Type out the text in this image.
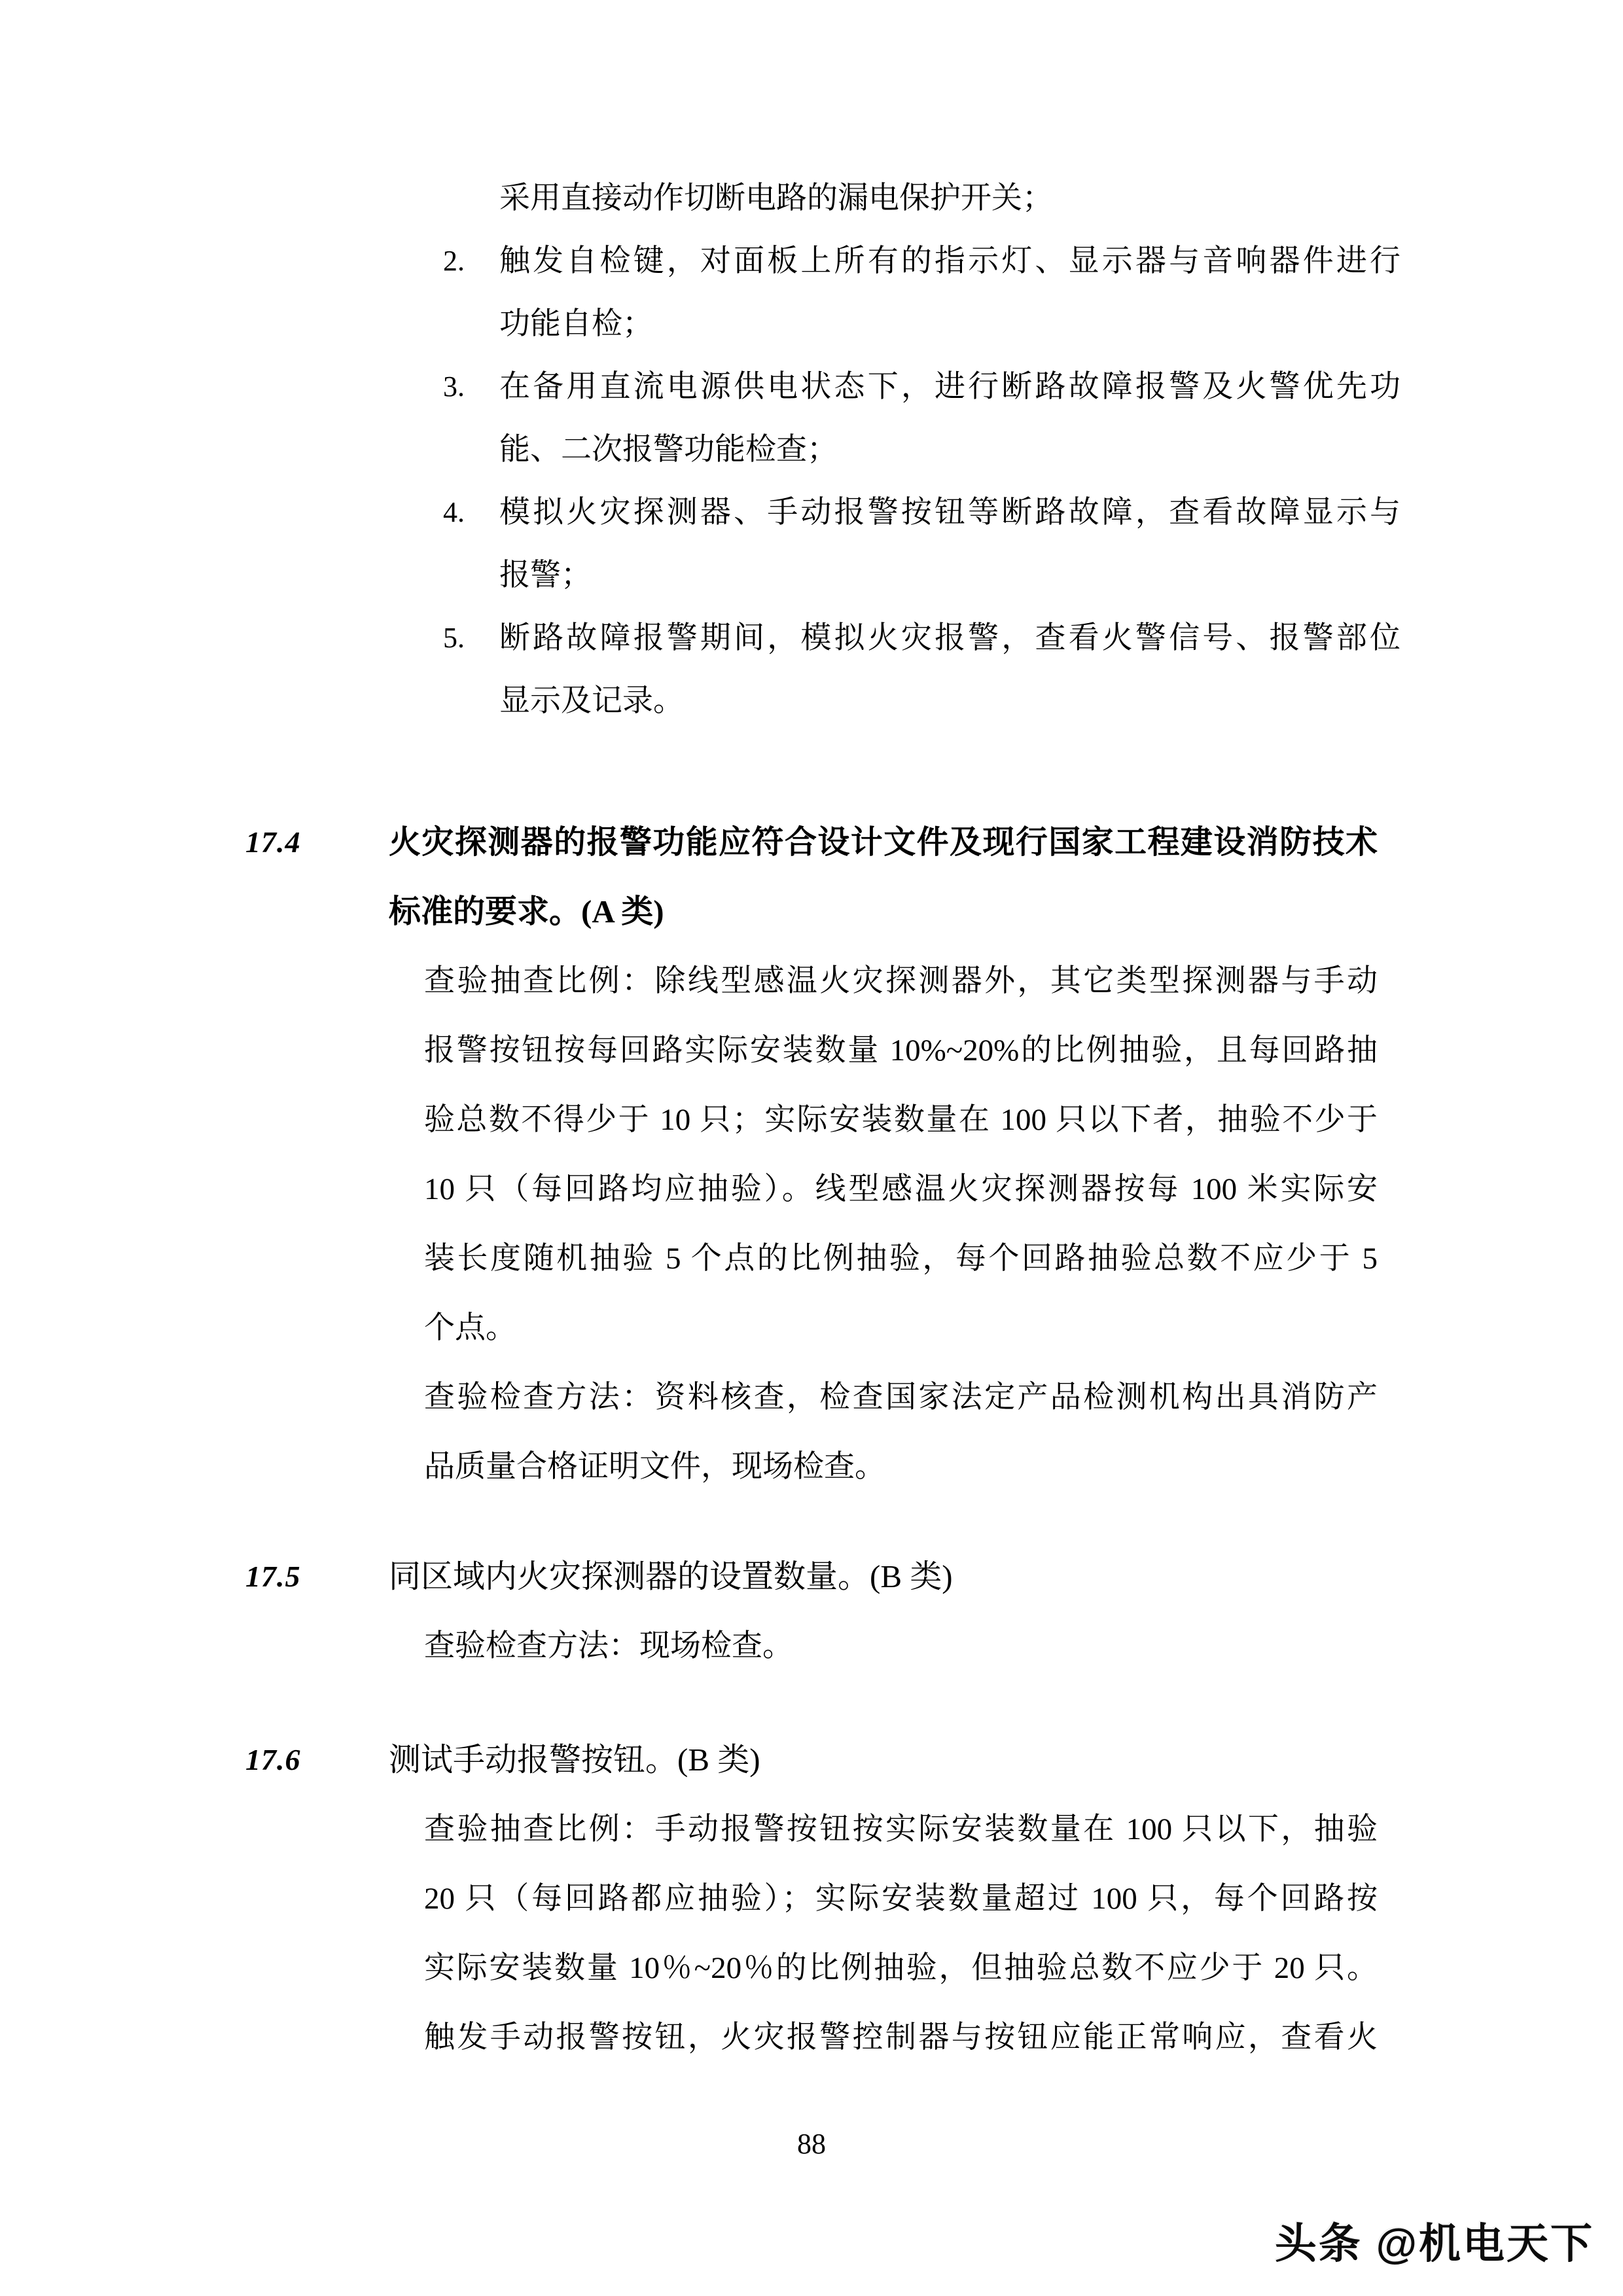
采用直接动作切断电路的漏电保护开关；
2.	触发自检键，对面板上所有的指示灯、显示器与音响器件进行
功能自检；
3.	在备用直流电源供电状态下，进行断路故障报警及火警优先功
能、二次报警功能检查；
4.	模拟火灾探测器、手动报警按钮等断路故障，查看故障显示与
报警；
5.	断路故障报警期间，模拟火灾报警，查看火警信号、报警部位
显示及记录。
17.4	火灾探测器的报警功能应符合设计文件及现行国家工程建设消防技术
标准的要求。(A 类)
查验抽查比例：除线型感温火灾探测器外，其它类型探测器与手动
报警按钮按每回路实际安装数量 10%~20%的比例抽验，且每回路抽
验总数不得少于 10 只；实际安装数量在 100 只以下者，抽验不少于
10 只（每回路均应抽验）。线型感温火灾探测器按每 100 米实际安
装长度随机抽验 5 个点的比例抽验，每个回路抽验总数不应少于 5
个点。
查验检查方法：资料核查，检查国家法定产品检测机构出具消防产
品质量合格证明文件，现场检查。
17.5	同区域内火灾探测器的设置数量。(B 类)
查验检查方法：现场检查。
17.6	测试手动报警按钮。(B 类)
查验抽查比例：手动报警按钮按实际安装数量在 100 只以下，抽验
20 只（每回路都应抽验）；实际安装数量超过 100 只，每个回路按
实际安装数量 10％~20％的比例抽验，但抽验总数不应少于 20 只。
触发手动报警按钮，火灾报警控制器与按钮应能正常响应，查看火
88
头条 @机电天下
